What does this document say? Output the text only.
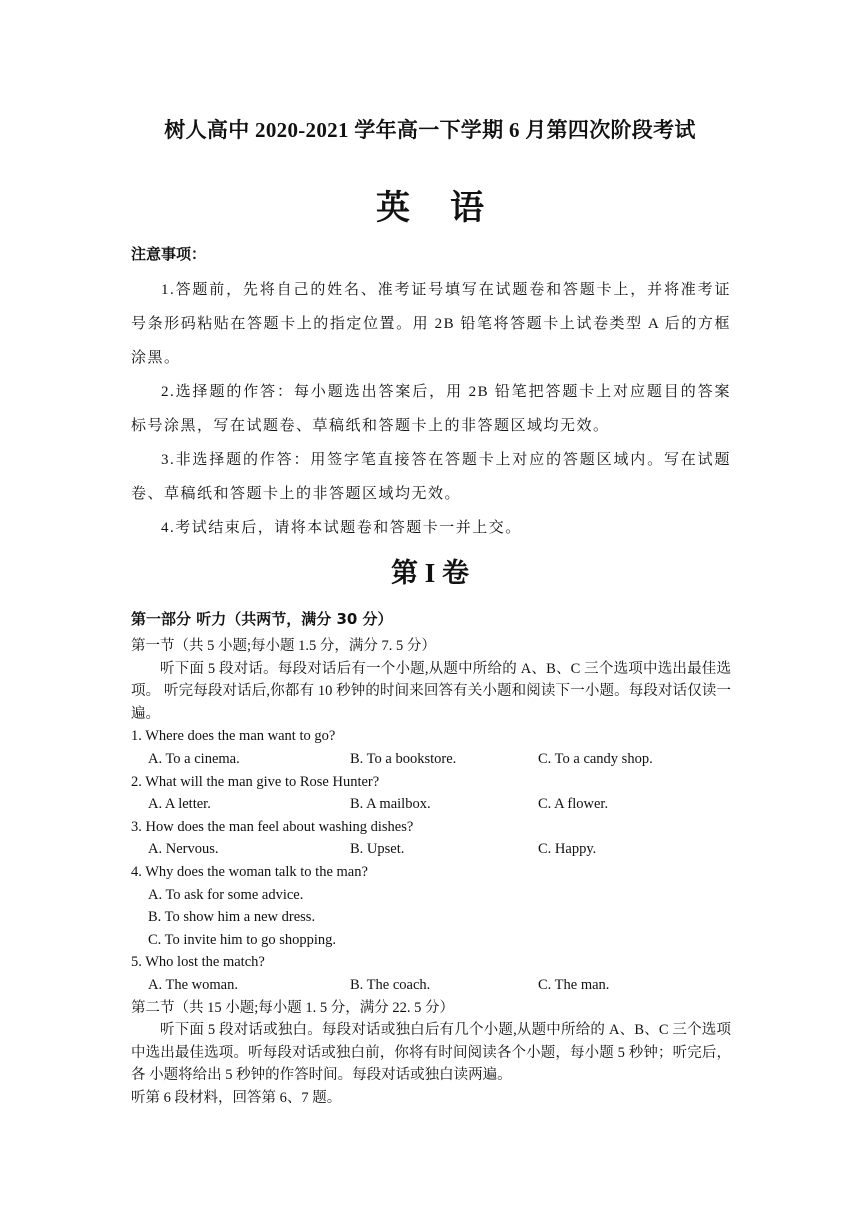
树人高中 2020-2021 学年高一下学期 6 月第四次阶段考试
英语
注意事项：

1.答题前，先将自己的姓名、准考证号填写在试题卷和答题卡上，并将准考证号条形码粘贴在答题卡上的指定位置。用 2B 铅笔将答题卡上试卷类型 A 后的方框涂黑。

2.选择题的作答：每小题选出答案后，用 2B 铅笔把答题卡上对应题目的答案标号涂黑，写在试题卷、草稿纸和答题卡上的非答题区域均无效。

3.非选择题的作答：用签字笔直接答在答题卡上对应的答题区域内。写在试题卷、草稿纸和答题卡上的非答题区域均无效。

4.考试结束后，请将本试题卷和答题卡一并上交。

第 I 卷
第一部分 听力（共两节，满分 30 分）
第一节（共 5 小题;每小题 1.5 分，满分 7. 5 分）
听下面 5 段对话。每段对话后有一个小题,从题中所给的 A、B、C 三个选项中选出最佳选项。 听完每段对话后,你都有 10 秒钟的时间来回答有关小题和阅读下一小题。每段对话仅读一遍。
1. Where does the man want to go?
A. To a cinema.	B. To a bookstore.	C. To a candy shop.
2. What will the man give to Rose Hunter?
A. A letter.	B. A mailbox.	C. A flower.
3. How does the man feel about washing dishes?
A. Nervous.	B. Upset.	C. Happy.
4. Why does the woman talk to the man?
A. To ask for some advice.
B. To show him a new dress.
C. To invite him to go shopping.
5. Who lost the match?
A. The woman.	B. The coach.	C. The man.
第二节（共 15 小题;每小题 1. 5 分，满分 22. 5 分）
听下面 5 段对话或独白。每段对话或独白后有几个小题,从题中所给的 A、B、C 三个选项 中选出最佳选项。听每段对话或独白前，你将有时间阅读各个小题，每小题 5 秒钟；听完后，各 小题将给出 5 秒钟的作答时间。每段对话或独白读两遍。
听第 6 段材料，回答第 6、7 题。
